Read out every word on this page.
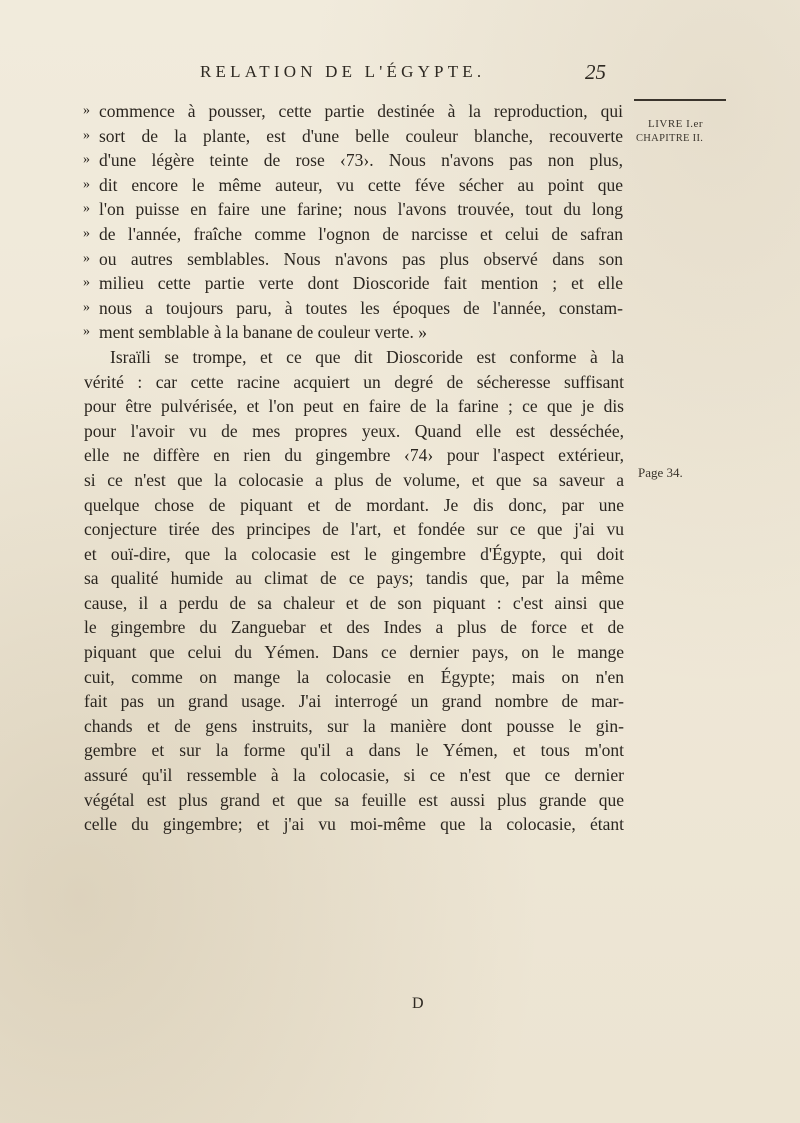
RELATION DE L'ÉGYPTE.	25
LIVRE I.er
CHAPITRE II.
Page 34.
» commence à pousser, cette partie destinée à la reproduction, qui
» sort de la plante, est d'une belle couleur blanche, recouverte
» d'une légère teinte de rose ‹73›. Nous n'avons pas non plus,
» dit encore le même auteur, vu cette féve sécher au point que
» l'on puisse en faire une farine; nous l'avons trouvée, tout du long
» de l'année, fraîche comme l'ognon de narcisse et celui de safran
» ou autres semblables. Nous n'avons pas plus observé dans son
» milieu cette partie verte dont Dioscoride fait mention ; et elle
» nous a toujours paru, à toutes les époques de l'année, constam-
» ment semblable à la banane de couleur verte. »
Israïli se trompe, et ce que dit Dioscoride est conforme à la
vérité : car cette racine acquiert un degré de sécheresse suffisant
pour être pulvérisée, et l'on peut en faire de la farine ; ce que je dis
pour l'avoir vu de mes propres yeux. Quand elle est desséchée,
elle ne diffère en rien du gingembre ‹74› pour l'aspect extérieur,
si ce n'est que la colocasie a plus de volume, et que sa saveur a
quelque chose de piquant et de mordant. Je dis donc, par une
conjecture tirée des principes de l'art, et fondée sur ce que j'ai vu
et ouï-dire, que la colocasie est le gingembre d'Égypte, qui doit
sa qualité humide au climat de ce pays; tandis que, par la même
cause, il a perdu de sa chaleur et de son piquant : c'est ainsi que
le gingembre du Zanguebar et des Indes a plus de force et de
piquant que celui du Yémen. Dans ce dernier pays, on le mange
cuit, comme on mange la colocasie en Égypte; mais on n'en
fait pas un grand usage. J'ai interrogé un grand nombre de mar-
chands et de gens instruits, sur la manière dont pousse le gin-
gembre et sur la forme qu'il a dans le Yémen, et tous m'ont
assuré qu'il ressemble à la colocasie, si ce n'est que ce dernier
végétal est plus grand et que sa feuille est aussi plus grande que
celle du gingembre; et j'ai vu moi-même que la colocasie, étant
D
